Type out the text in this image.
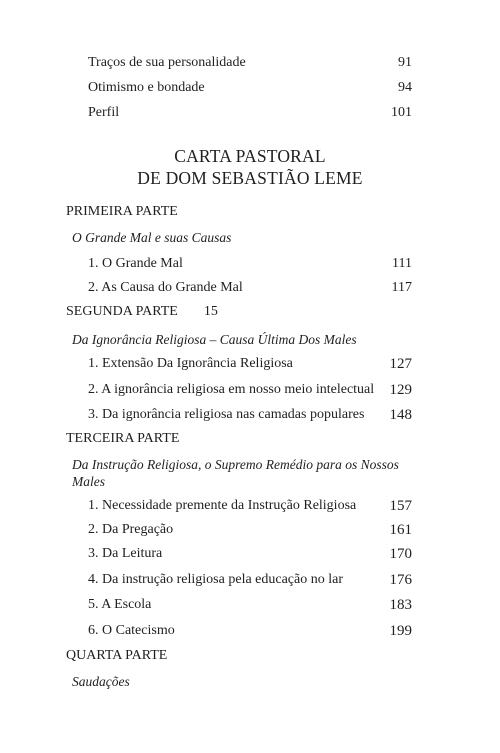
Traços de sua personalidade	91
Otimismo e bondade	94
Perfil	101
CARTA PASTORAL
DE DOM SEBASTIÃO LEME
PRIMEIRA PARTE
O Grande Mal e suas Causas
1. O Grande Mal	111
2. As Causa do Grande Mal	117
SEGUNDA PARTE 15
Da Ignorância Religiosa – Causa Última Dos Males
1. Extensão Da Ignorância Religiosa	127
2. A ignorância religiosa em nosso meio intelectual 129
3. Da ignorância religiosa nas camadas populares 148
TERCEIRA PARTE
Da Instrução Religiosa, o Supremo Remédio para os Nossos Males
1. Necessidade premente da Instrução Religiosa 157
2. Da Pregação	161
3. Da Leitura	170
4. Da instrução religiosa pela educação no lar	176
5. A Escola	183
6. O Catecismo	199
QUARTA PARTE
Saudações
